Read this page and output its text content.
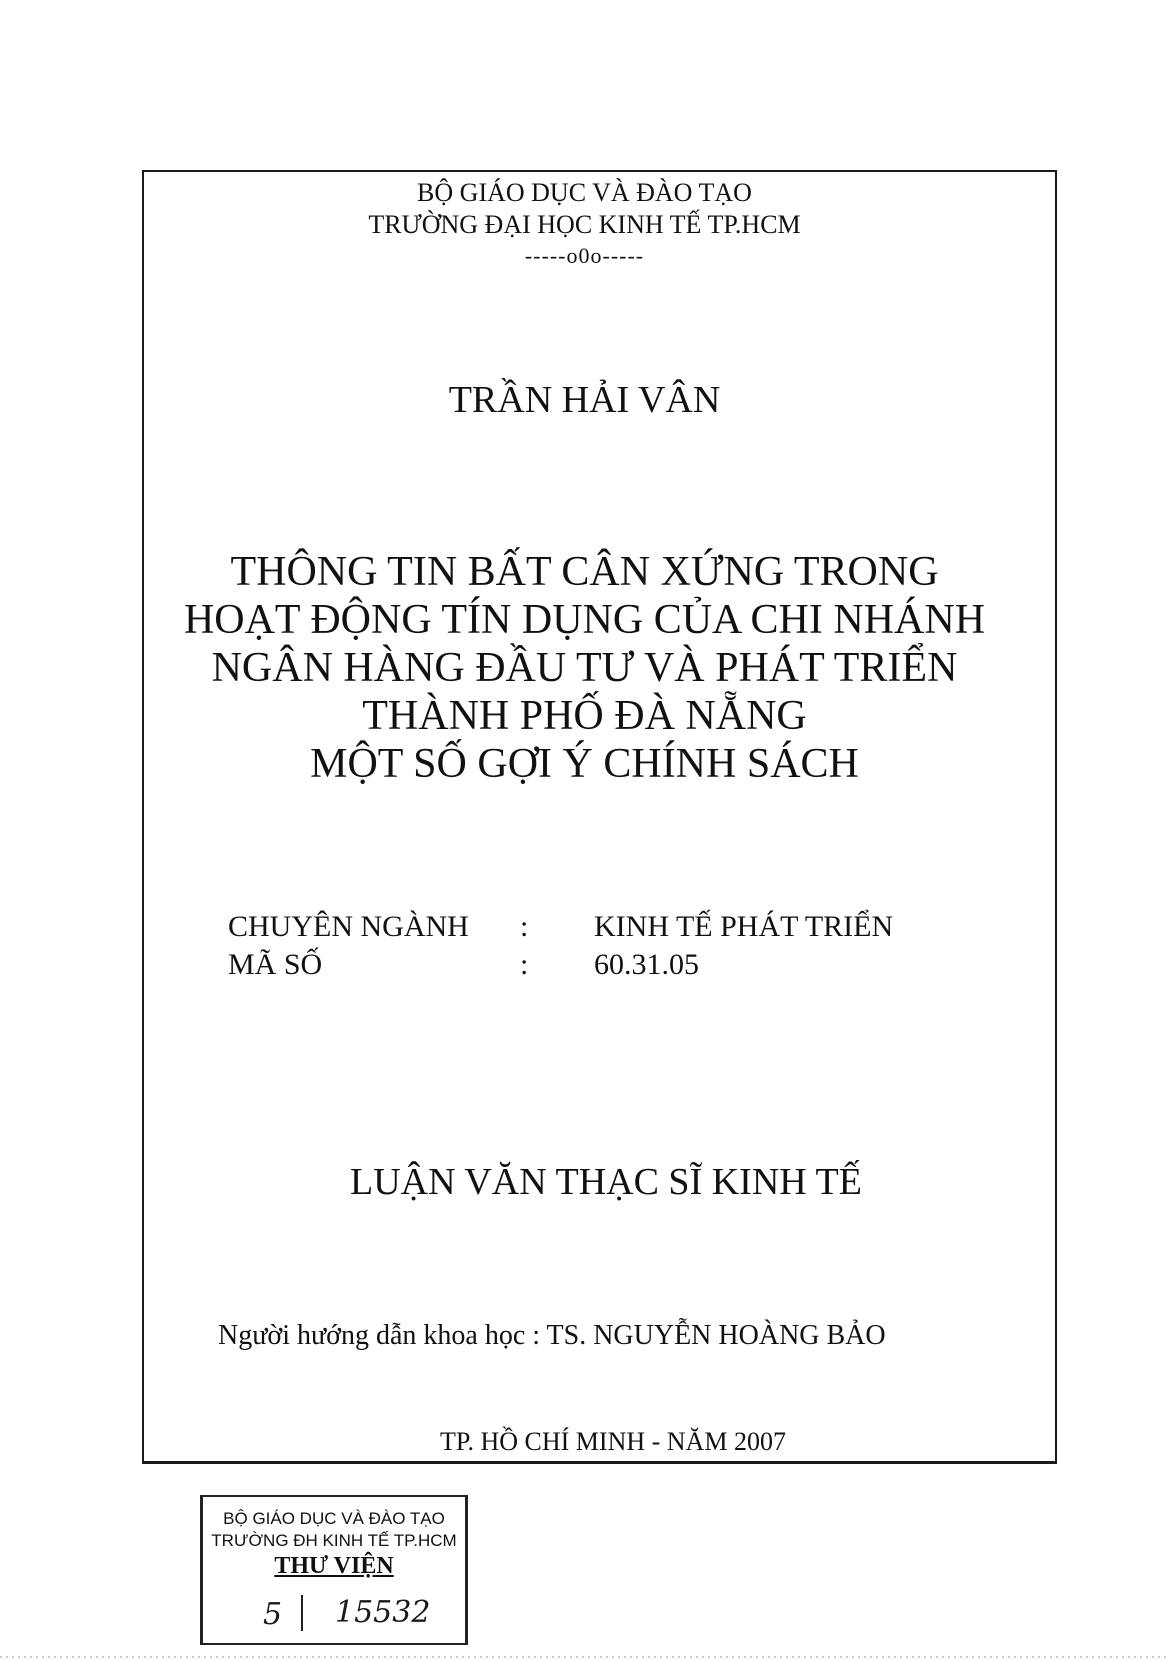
BỘ GIÁO DỤC VÀ ĐÀO TẠO
TRƯỜNG ĐẠI HỌC KINH TẾ TP.HCM
-----o0o-----
TRẦN HẢI VÂN
THÔNG TIN BẤT CÂN XỨNG TRONG
HOẠT ĐỘNG TÍN DỤNG CỦA CHI NHÁNH
NGÂN HÀNG ĐẦU TƯ VÀ PHÁT TRIỂN
THÀNH PHỐ ĐÀ NẴNG
MỘT SỐ GỢI Ý CHÍNH SÁCH
CHUYÊN NGÀNH : KINH TẾ PHÁT TRIỂN
MÃ SỐ	: 60.31.05
LUẬN VĂN THẠC SĨ KINH TẾ
Người hướng dẫn khoa học : TS. NGUYỄN HOÀNG BẢO
TP. HỒ CHÍ MINH - NĂM 2007
BỘ GIÁO DỤC VÀ ĐÀO TẠO
TRƯỜNG ĐH KINH TẾ TP.HCM
THƯ VIỆN
5 15532
